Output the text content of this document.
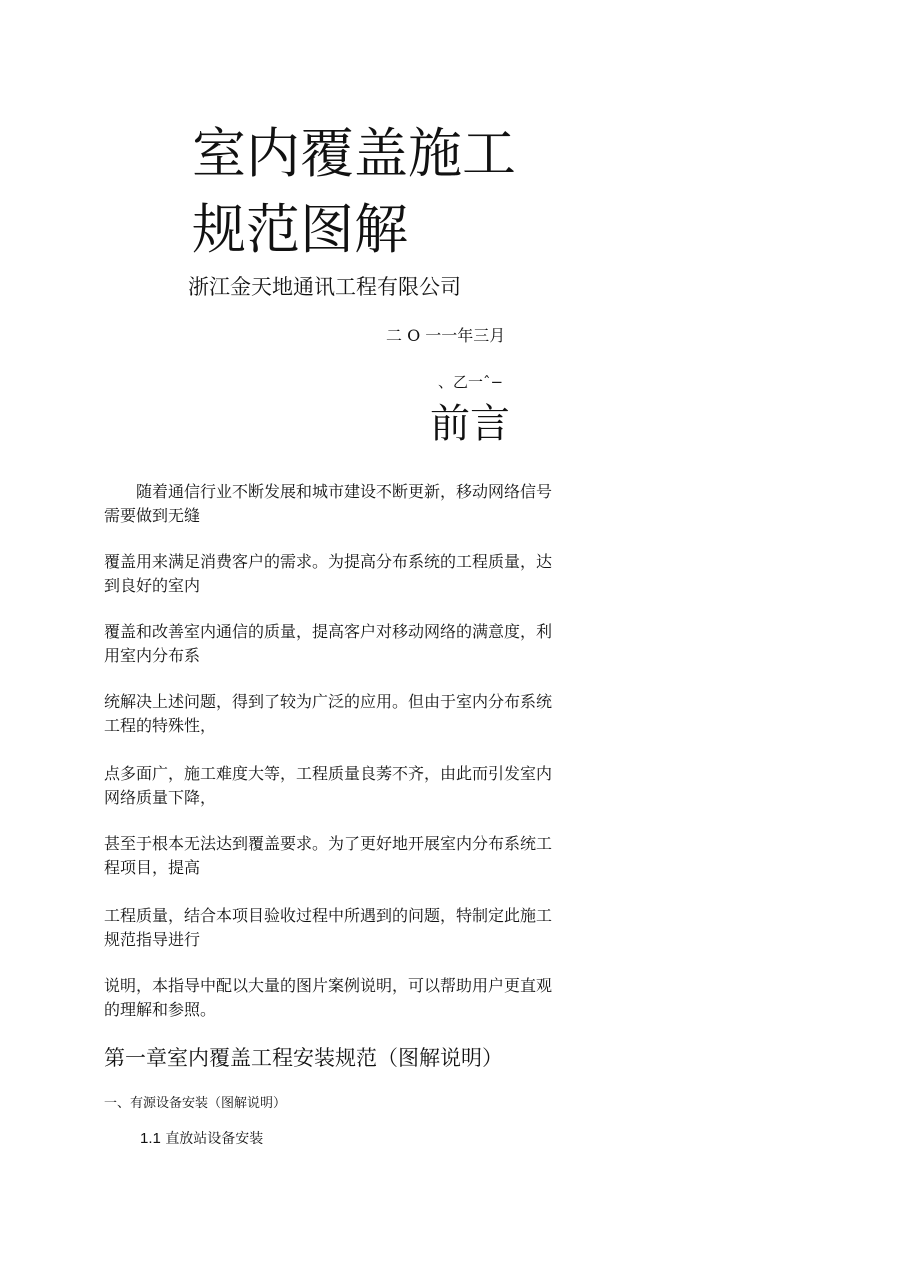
室内覆盖施工
规范图解
浙江金天地通讯工程有限公司
二 O 一一年三月
、乙一ˆ−
前言

随着通信行业不断发展和城市建设不断更新，移动网络信号需要做到无缝

覆盖用来满足消费客户的需求。为提高分布系统的工程质量，达到良好的室内

覆盖和改善室内通信的质量，提高客户对移动网络的满意度，利用室内分布系

统解决上述问题，得到了较为广泛的应用。但由于室内分布系统工程的特殊性，

点多面广，施工难度大等，工程质量良莠不齐，由此而引发室内网络质量下降，

甚至于根本无法达到覆盖要求。为了更好地开展室内分布系统工程项目，提高

工程质量，结合本项目验收过程中所遇到的问题，特制定此施工规范指导进行

说明，本指导中配以大量的图片案例说明，可以帮助用户更直观的理解和参照。

第一章室内覆盖工程安装规范（图解说明）
一、有源设备安装（图解说明）
1.1 直放站设备安装
